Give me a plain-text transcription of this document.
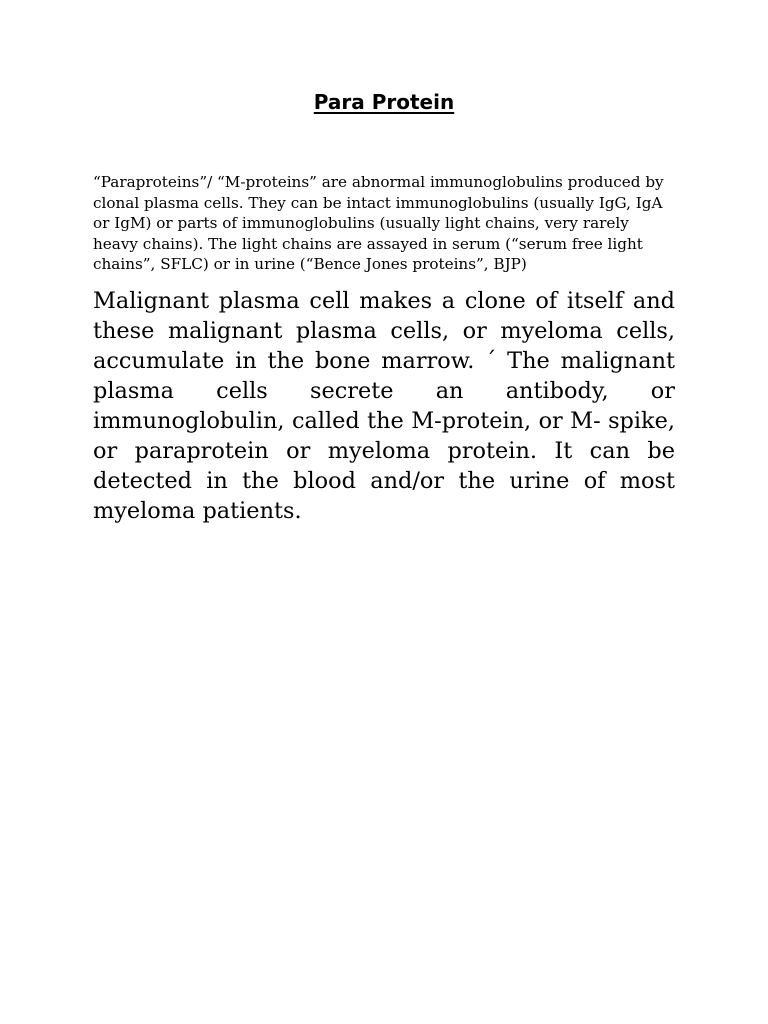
Para Protein

“Paraproteins”/ “M-proteins” are abnormal immunoglobulins produced by clonal plasma cells. They can be intact immunoglobulins (usually IgG, IgA or IgM) or parts of immunoglobulins (usually light chains, very rarely heavy chains). The light chains are assayed in serum (“serum free light chains”, SFLC) or in urine (“Bence Jones proteins”, BJP)

Malignant plasma cell makes a clone of itself and these malignant plasma cells, or myeloma cells, accumulate in the bone marrow. ´ The malignant plasma cells secrete an antibody, or immunoglobulin, called the M-protein, or M- spike, or paraprotein or myeloma protein. It can be detected in the blood and/or the urine of most myeloma patients.
